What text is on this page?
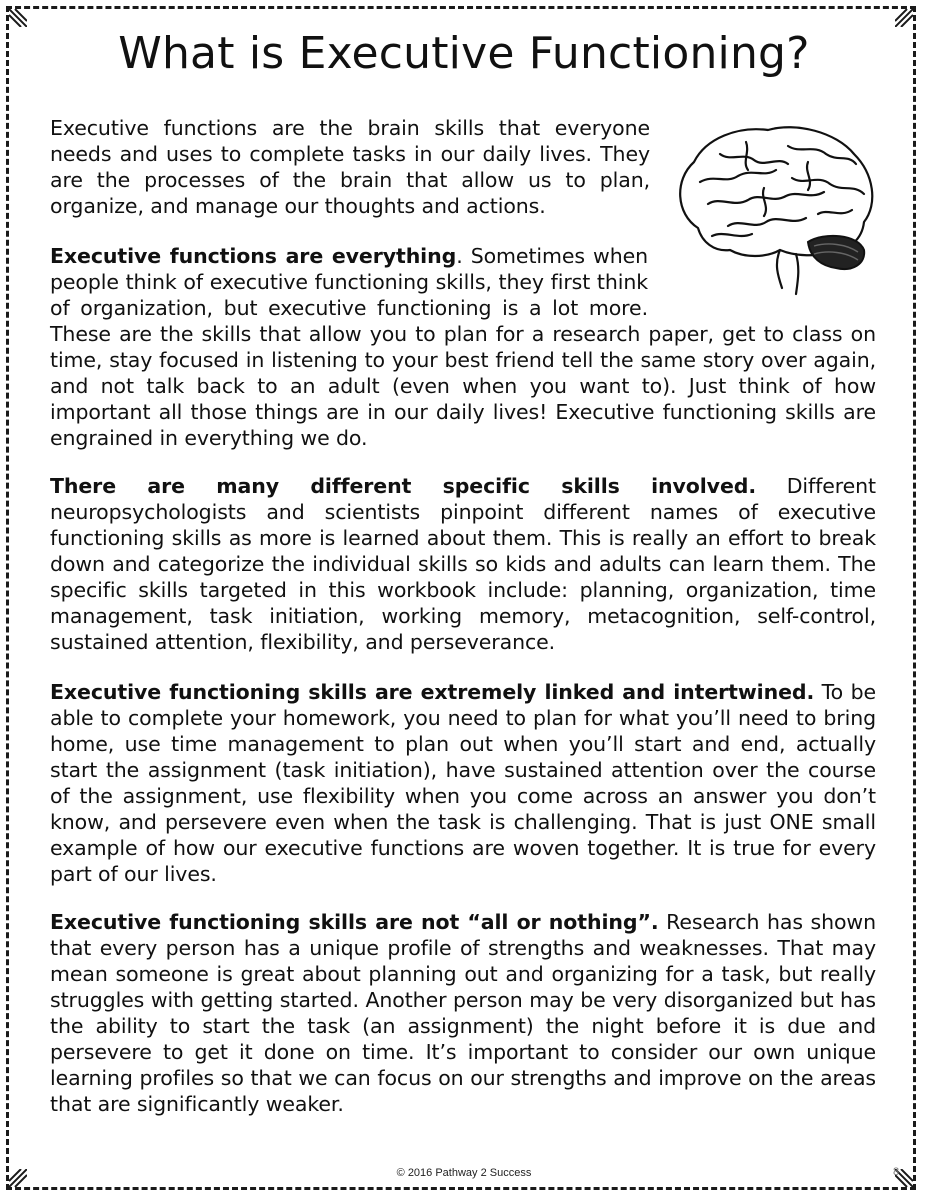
What is Executive Functioning?

Executive functions are the brain skills that everyone needs and uses to complete tasks in our daily lives. They are the processes of the brain that allow us to plan, organize, and manage our thoughts and actions.

Executive functions are everything. Sometimes when people think of executive functioning skills, they first think of organization, but executive functioning is a lot more. These are the skills that allow you to plan for a research paper, get to class on time, stay focused in listening to your best friend tell the same story over again, and not talk back to an adult (even when you want to). Just think of how important all those things are in our daily lives! Executive functioning skills are engrained in everything we do.

There are many different specific skills involved. Different neuropsychologists and scientists pinpoint different names of executive functioning skills as more is learned about them. This is really an effort to break down and categorize the individual skills so kids and adults can learn them. The specific skills targeted in this workbook include: planning, organization, time management, task initiation, working memory, metacognition, self-control, sustained attention, flexibility, and perseverance.

Executive functioning skills are extremely linked and intertwined. To be able to complete your homework, you need to plan for what you’ll need to bring home, use time management to plan out when you’ll start and end, actually start the assignment (task initiation), have sustained attention over the course of the assignment, use flexibility when you come across an answer you don’t know, and persevere even when the task is challenging. That is just ONE small example of how our executive functions are woven together. It is true for every part of our lives.

Executive functioning skills are not “all or nothing”. Research has shown that every person has a unique profile of strengths and weaknesses. That may mean someone is great about planning out and organizing for a task, but really struggles with getting started. Another person may be very disorganized but has the ability to start the task (an assignment) the night before it is due and persevere to get it done on time. It’s important to consider our own unique learning profiles so that we can focus on our strengths and improve on the areas that are significantly weaker.

© 2016 Pathway 2 Success	8
